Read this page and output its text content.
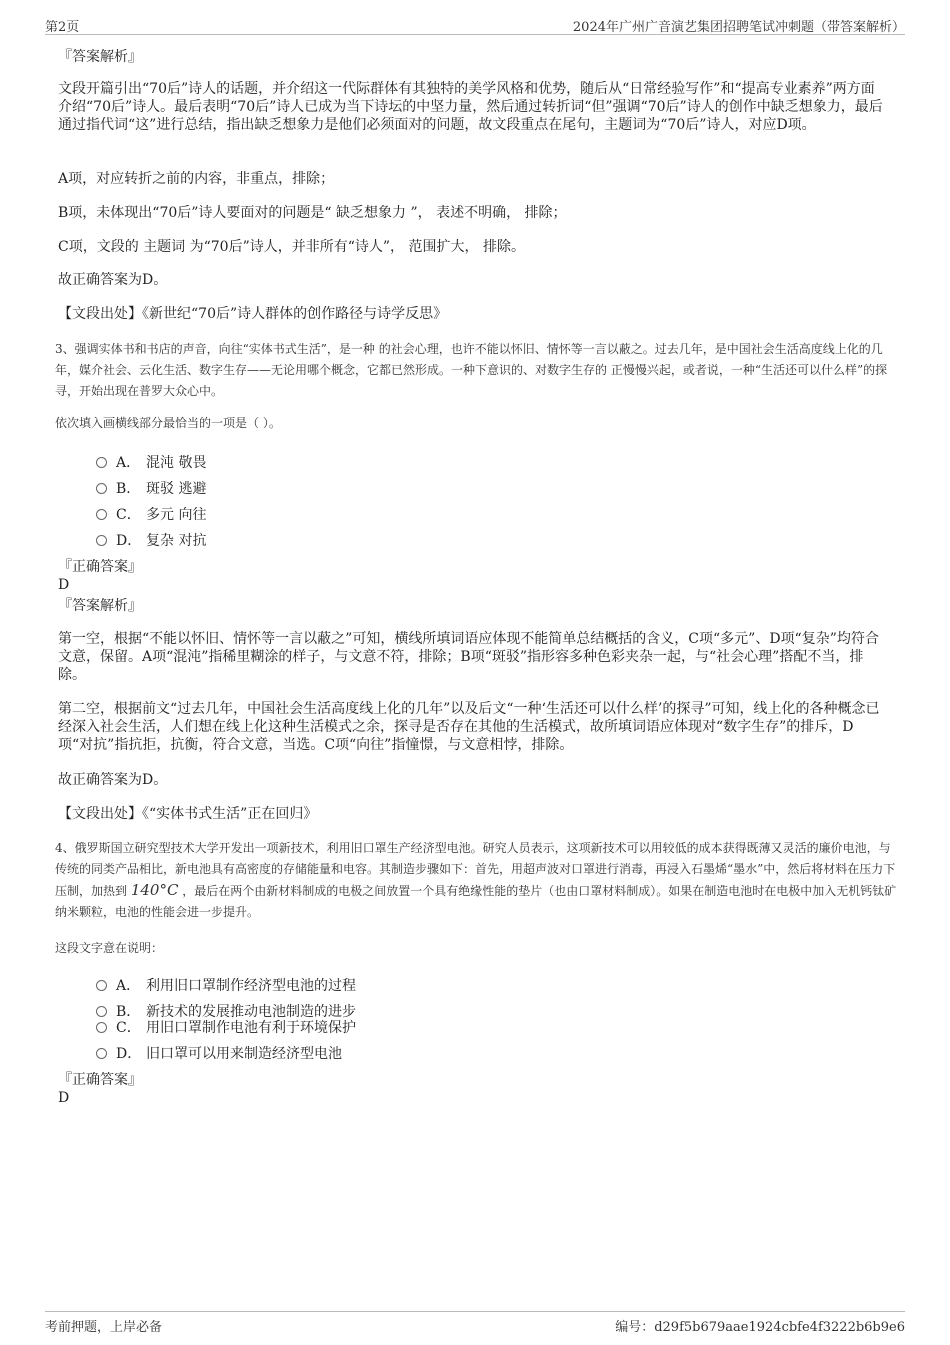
第2页	2024年广州广音演艺集团招聘笔试冲刺题（带答案解析）
『答案解析』
文段开篇引出“70后”诗人的话题，并介绍这一代际群体有其独特的美学风格和优势，随后从“日常经验写作”和“提高专业素养”两方面介绍“70后”诗人。最后表明“70后”诗人已成为当下诗坛的中坚力量，然后通过转折词“但”强调“70后”诗人的创作中缺乏想象力，最后通过指代词“这”进行总结，指出缺乏想象力是他们必须面对的问题，故文段重点在尾句，主题词为“70后”诗人，对应D项。
A项，对应转折之前的内容，非重点，排除；
B项，未体现出“70后”诗人要面对的问题是“ 缺乏想象力 ”， 表述不明确， 排除；
C项，文段的 主题词 为“70后”诗人，并非所有“诗人”， 范围扩大， 排除。
故正确答案为D。
【文段出处】《新世纪“70后”诗人群体的创作路径与诗学反思》
3、强调实体书和书店的声音，向往“实体书式生活”，是一种 的社会心理，也许不能以怀旧、情怀等一言以蔽之。过去几年，是中国社会生活高度线上化的几年，媒介社会、云化生活、数字生存——无论用哪个概念，它都已然形成。一种下意识的、对数字生存的 正慢慢兴起，或者说，一种“生活还可以什么样”的探寻，开始出现在普罗大众心中。
依次填入画横线部分最恰当的一项是（ ）。
A． 混沌 敬畏
B． 斑驳 逃避
C． 多元 向往
D． 复杂 对抗
『正确答案』
D
『答案解析』
第一空，根据“不能以怀旧、情怀等一言以蔽之”可知，横线所填词语应体现不能简单总结概括的含义，C项“多元”、D项“复杂”均符合文意，保留。A项“混沌”指稀里糊涂的样子，与文意不符，排除；B项“斑驳”指形容多种色彩夹杂一起，与“社会心理”搭配不当，排除。
第二空，根据前文“过去几年，中国社会生活高度线上化的几年”以及后文“一种‘生活还可以什么样’的探寻”可知，线上化的各种概念已经深入社会生活，人们想在线上化这种生活模式之余，探寻是否存在其他的生活模式，故所填词语应体现对“数字生存”的排斥，D项“对抗”指抗拒，抗衡，符合文意，当选。C项“向往”指憧憬，与文意相悖，排除。
故正确答案为D。
【文段出处】《“实体书式生活”正在回归》
4、俄罗斯国立研究型技术大学开发出一项新技术，利用旧口罩生产经济型电池。研究人员表示，这项新技术可以用较低的成本获得既薄又灵活的廉价电池，与传统的同类产品相比，新电池具有高密度的存储能量和电容。其制造步骤如下：首先，用超声波对口罩进行消毒，再浸入石墨烯“墨水”中，然后将材料在压力下压制，加热到 140°C ，最后在两个由新材料制成的电极之间放置一个具有绝缘性能的垫片（也由口罩材料制成）。如果在制造电池时在电极中加入无机钙钛矿纳米颗粒，电池的性能会进一步提升。
这段文字意在说明：
A． 利用旧口罩制作经济型电池的过程
B． 新技术的发展推动电池制造的进步
C． 用旧口罩制作电池有利于环境保护
D． 旧口罩可以用来制造经济型电池
『正确答案』
D
考前押题，上岸必备	编号：d29f5b679aae1924cbfe4f3222b6b9e6
